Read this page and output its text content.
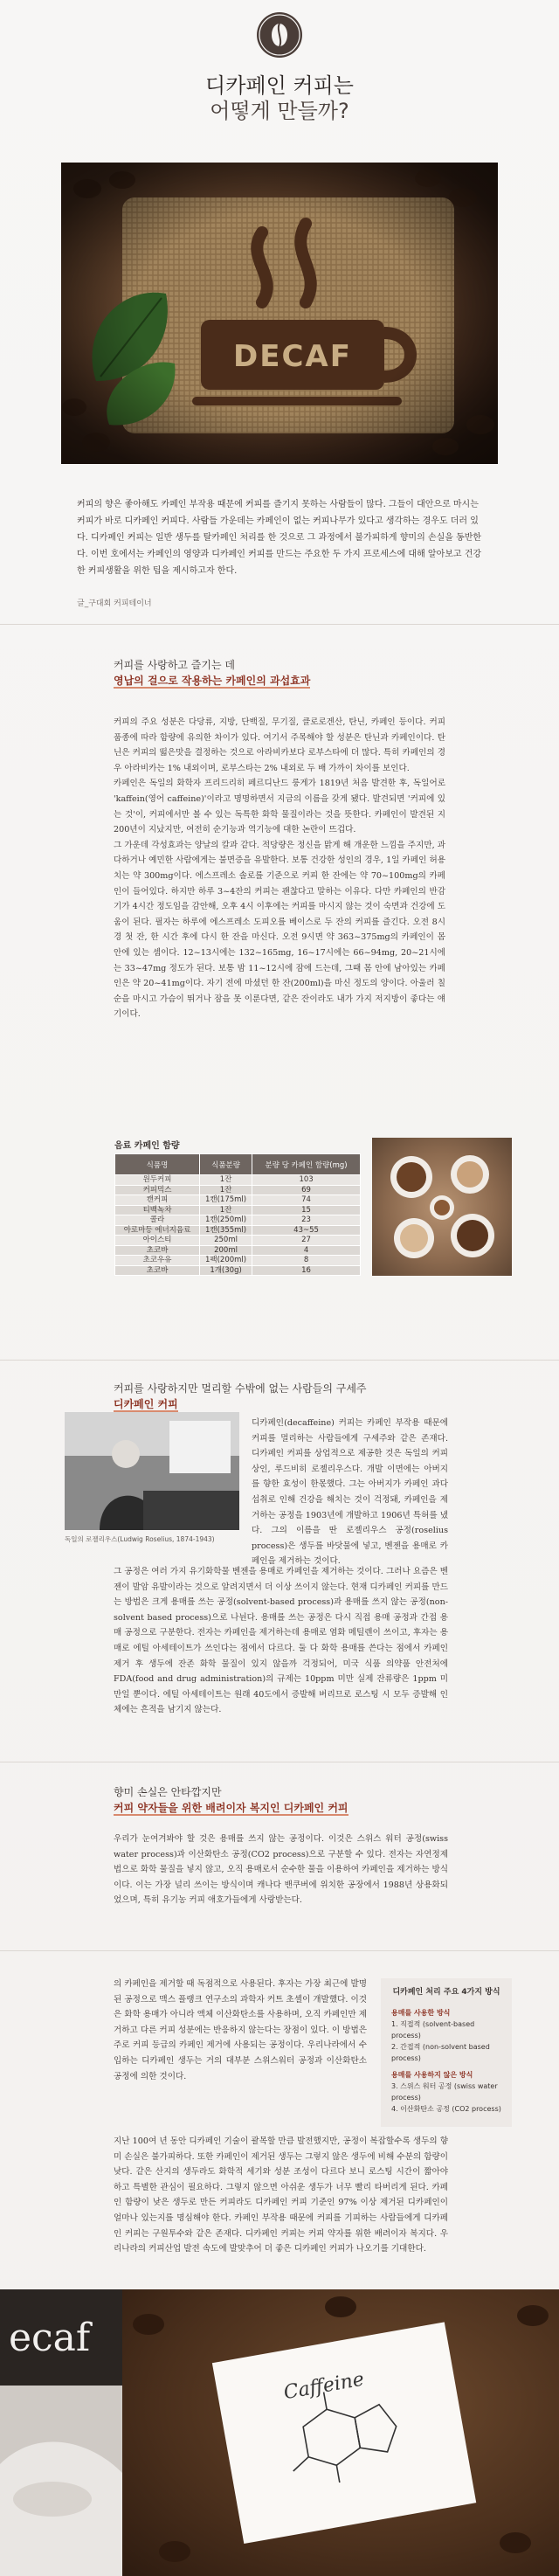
디카페인 커피는
어떻게 만들까?

커피의 향은 좋아해도 카페인 부작용 때문에 커피를 즐기지 못하는 사람들이 많다. 그들이 대안으로 마시는 커피가 바로 디카페인 커피다. 사람들 가운데는 카페인이 없는 커피나무가 있다고 생각하는 경우도 더러 있다. 디카페인 커피는 일반 생두를 탈카페인 처리를 한 것으로 그 과정에서 불가피하게 향미의 손실을 동반한다. 이번 호에서는 카페인의 영양과 디카페인 커피를 만드는 주요한 두 가지 프로세스에 대해 알아보고 건강한 커피생활을 위한 팁을 제시하고자 한다.

글_구대회 커피테이너
커피를 사랑하고 즐기는 데
영납의 걸으로 작용하는 카페인의 과섭효과

커피의 주요 성분은 다당류, 지방, 단백질, 무기질, 클로로겐산, 탄닌, 카페인 등이다. 커피 품종에 따라 함량에 유의한 차이가 있다. 여기서 주목해야 할 성분은 탄닌과 카페인이다. 탄닌은 커피의 떫은맛을 결정하는 것으로 아라비카보다 로부스타에 더 많다. 특히 카페인의 경우 아라비카는 1% 내외이며, 로부스타는 2% 내외로 두 배 가까이 차이를 보인다.
카페인은 독일의 화학자 프리드리히 페르디난드 룽게가 1819년 처음 발견한 후, 독일어로 'kaffein(영어 caffeine)'이라고 명명하면서 지금의 이름을 갖게 됐다. 발견되면 '커피에 있는 것'이, 커피에서만 볼 수 있는 독특한 화학 물질이라는 것을 뜻한다. 카페인이 발견된 지 200년이 지났지만, 여전히 순기능과 역기능에 대한 논란이 뜨겁다.
그 가운데 각성효과는 양날의 칼과 같다. 적당량은 정신을 맑게 해 개운한 느낌을 주지만, 과다하거나 예민한 사람에게는 불면증을 유발한다. 보통 건강한 성인의 경우, 1일 카페인 허용치는 약 300mg이다. 에스프레소 솔로를 기준으로 커피 한 잔에는 약 70~100mg의 카페인이 들어있다. 하지만 하루 3~4잔의 커피는 괜찮다고 말하는 이유다. 다만 카페인의 반감기가 4시간 정도임을 감안해, 오후 4시 이후에는 커피를 마시지 않는 것이 숙면과 건강에 도움이 된다. 필자는 하루에 에스프레소 도피오를 베이스로 두 잔의 커피를 즐긴다. 오전 8시경 첫 잔, 한 시간 후에 다시 한 잔을 마신다. 오전 9시면 약 363~375mg의 카페인이 몸 안에 있는 셈이다. 12~13시에는 132~165mg, 16~17시에는 66~94mg, 20~21시에는 33~47mg 정도가 된다. 보통 밤 11~12시에 잠에 드는데, 그때 몸 안에 남아있는 카페인은 약 20~41mg이다. 자기 전에 마셨던 한 잔(200ml)을 마신 정도의 양이다. 아울러 칠순을 마시고 가슴이 뛰거나 잠을 못 이룬다면, 같은 잔이라도 내가 가지 저지방이 좋다는 얘기이다.

음료 카페인 함량
식품명	식품분량	분량 당 카페인 함량(mg)
원두커피	1잔	103
커피믹스	1잔	69
캔커피	1캔(175ml)	74
티백녹차	1잔	15
콜라	1캔(250ml)	23
아로마등 에너지음료	1캔(355ml)	43~55
아이스티	250ml	27
초코바	200ml	4
초코우유	1팩(200ml)	8
초코바	1개(30g)	16
커피를 사랑하지만 멀리할 수밖에 없는 사람들의 구세주
디카페인 커피
독일의 로젤리우스(Ludwig Roselius, 1874-1943)

디카페인(decaffeine) 커피는 카페인 부작용 때문에 커피를 멀리하는 사람들에게 구세주와 같은 존재다. 디카페인 커피를 상업적으로 제공한 것은 독일의 커피 상인, 루드비히 로젤리우스다. 개발 이면에는 아버지를 향한 효성이 한몫했다. 그는 아버지가 카페인 과다 섭취로 인해 건강을 해치는 것이 걱정돼, 카페인을 제거하는 공정을 1903년에 개발하고 1906년 특허를 냈다. 그의 이름을 딴 로젤리우스 공정(roselius process)은 생두를 바닷물에 넣고, 벤젠을 용매로 카페인을 제거하는 것이다.

그 공정은 여러 가지 유기화학물 벤젠을 용매로 카페인을 제거하는 것이다. 그러나 요즘은 벤젠이 발암 유발이라는 것으로 알려지면서 더 이상 쓰이지 않는다. 현재 디카페인 커피를 만드는 방법은 크게 용매를 쓰는 공정(solvent-based process)과 용매를 쓰지 않는 공정(non-solvent based process)으로 나뉜다. 용매를 쓰는 공정은 다시 직접 용매 공정과 간접 용매 공정으로 구분한다. 전자는 카페인을 제거하는데 용매로 염화 메틸렌이 쓰이고, 후자는 용매로 에틸 아세테이트가 쓰인다는 점에서 다르다. 둘 다 화학 용매를 쓴다는 점에서 카페인 제거 후 생두에 잔존 화학 물질이 있지 않을까 걱정되어, 미국 식품 의약품 안전처에 FDA(food and drug administration)의 규제는 10ppm 미만 실제 잔류량은 1ppm 미만일 뿐이다. 에틸 아세테이트는 원래 40도에서 증발해 버리므로 로스팅 시 모두 증발해 인체에는 흔적을 남기지 않는다.

향미 손실은 안타깝지만
커피 약자들을 위한 배려이자 복지인 디카페인 커피

우리가 눈여겨봐야 할 것은 용매를 쓰지 않는 공정이다. 이것은 스위스 워터 공정(swiss water process)과 이산화탄소 공정(CO2 process)으로 구분할 수 있다. 전자는 자연정제법으로 화학 물질을 넣지 않고, 오직 용매로서 순수한 물을 이용하여 카페인을 제거하는 방식이다. 이는 가장 널리 쓰이는 방식이며 캐나다 밴쿠버에 위치한 공장에서 1988년 상용화되었으며, 특히 유기농 커피 애호가들에게 사랑받는다.

의 카페인을 제거할 때 독점적으로 사용된다. 후자는 가장 최근에 발명된 공정으로 맥스 플랭크 연구소의 과학자 커트 초셀이 개발했다. 이것은 화학 용매가 아니라 액체 이산화탄소를 사용하며, 오직 카페인만 제거하고 다른 커피 성분에는 반응하지 않는다는 장점이 있다. 이 방법은 주로 커피 등급의 카페인 제거에 사용되는 공정이다. 우리나라에서 수입하는 디카페인 생두는 거의 대부분 스위스워터 공정과 이산화탄소 공정에 의한 것이다.

디카페인 처리 주요 4가지 방식
용매를 사용한 방식
1. 직접적 (solvent-based process)
2. 간접적 (non-solvent based process)
용매를 사용하지 않은 방식
3. 스위스 워터 공정 (swiss water process)
4. 이산화탄소 공정 (CO2 process)

지난 100여 년 동안 디카페인 기술이 괄목할 만큼 발전했지만, 공정이 복잡할수록 생두의 향미 손실은 불가피하다. 또한 카페인이 제거된 생두는 그렇지 않은 생두에 비해 수분의 함량이 낮다. 같은 산지의 생두라도 화학적 세기와 성분 조성이 다르다 보니 로스팅 시간이 짧아야 하고 특별한 관심이 필요하다. 그렇지 않으면 아쉬운 생두가 너무 빨리 타버리게 된다. 카페인 함량이 낮은 생두로 만든 커피라도 디카페인 커피 기준인 97% 이상 제거된 디카페인이 얼마나 있는지를 명심해야 한다. 카페인 부작용 때문에 커피를 기피하는 사람들에게 디카페인 커피는 구원투수와 같은 존재다. 디카페인 커피는 커피 약자를 위한 배려이자 복지다. 우리나라의 커피산업 발전 속도에 발맞추어 더 좋은 디카페인 커피가 나오기를 기대한다.

ecaf
Caffeine
